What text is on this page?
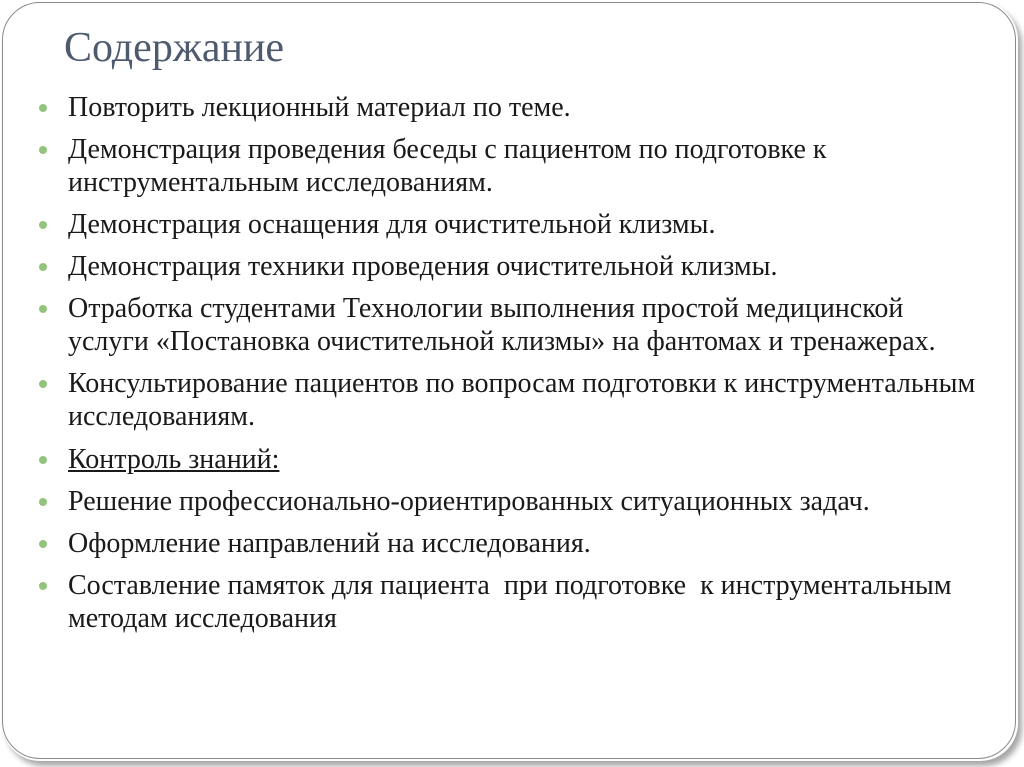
Содержание
Повторить лекционный материал по теме.
Демонстрация проведения беседы с пациентом по подготовке к инструментальным исследованиям.
Демонстрация оснащения для очистительной клизмы.
Демонстрация техники проведения очистительной клизмы.
Отработка студентами Технологии выполнения простой медицинской услуги «Постановка очистительной клизмы» на фантомах и тренажерах.
Консультирование пациентов по вопросам подготовки к инструментальным исследованиям.
Контроль знаний:
Решение профессионально-ориентированных ситуационных задач.
Оформление направлений на исследования.
Составление памяток для пациента  при подготовке  к инструментальным  методам исследования
